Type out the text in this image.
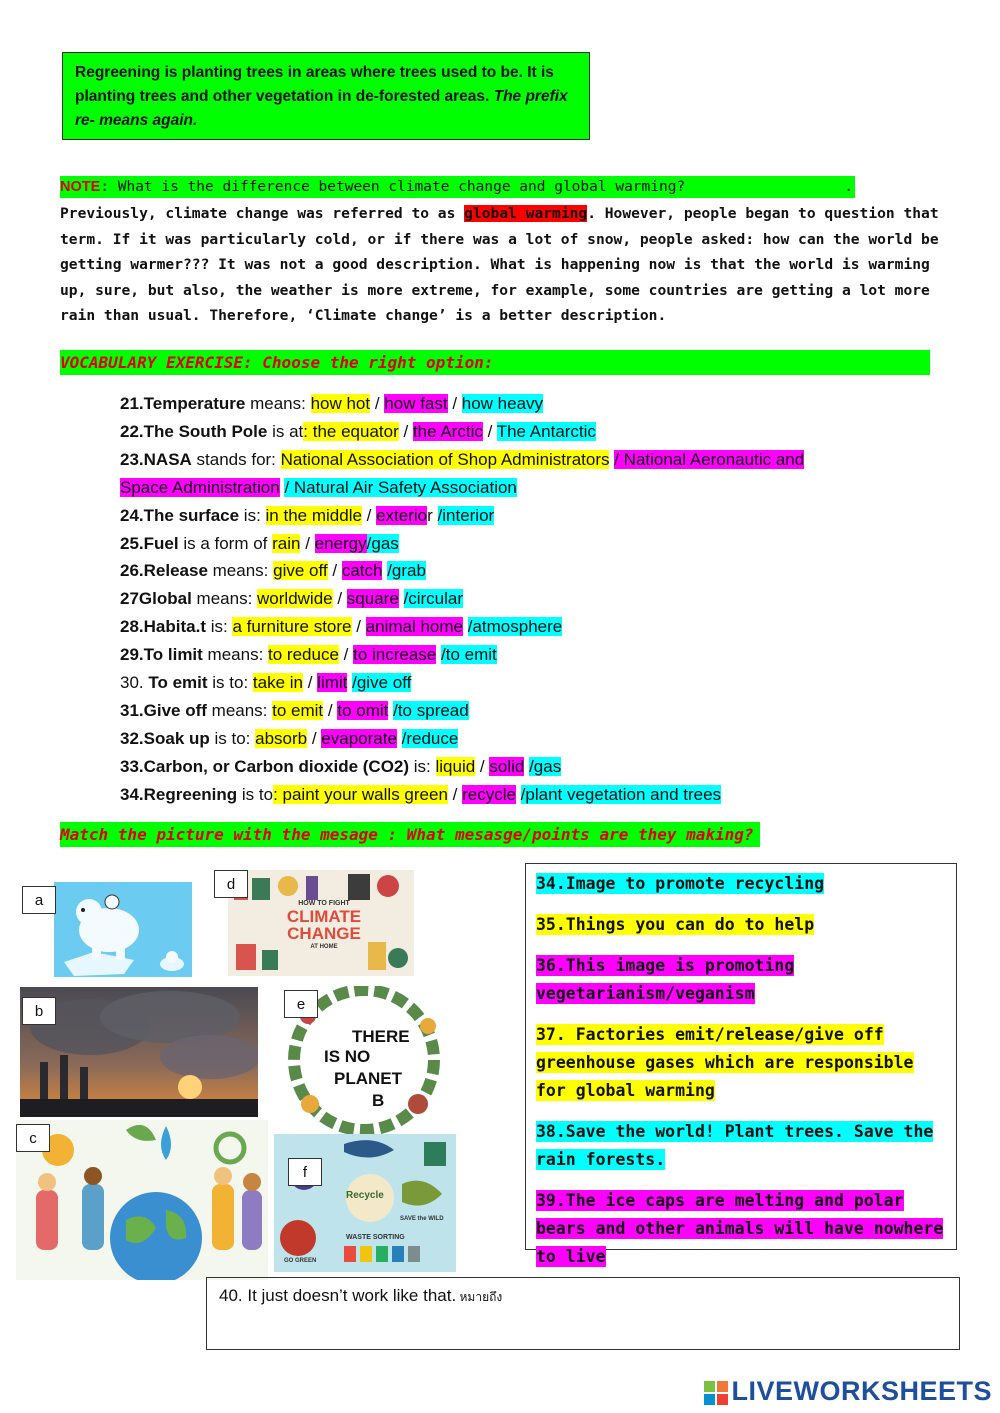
Regreening is planting trees in areas where trees used to be. It is planting trees and other vegetation in de-forested areas. The prefix re- means again.
NOTE: What is the difference between climate change and global warming?	.
Previously, climate change was referred to as global warming. However, people began to question that term. If it was particularly cold, or if there was a lot of snow, people asked: how can the world be getting warmer??? It was not a good description. What is happening now is that the world is warming up, sure, but also, the weather is more extreme, for example, some countries are getting a lot more rain than usual. Therefore, ‘Climate change’ is a better description.
VOCABULARY EXERCISE: Choose the right option:
21.Temperature means: how hot / how fast / how heavy
22.The South Pole is at: the equator / the Arctic / The Antarctic
23.NASA stands for: National Association of Shop Administrators / National Aeronautic and
Space Administration / Natural Air Safety Association
24.The surface is: in the middle / exterior /interior
25.Fuel is a form of rain / energy/gas
26.Release means: give off / catch /grab
27Global means: worldwide / square /circular
28.Habita.t is: a furniture store / animal home /atmosphere
29.To limit means: to reduce / to increase /to emit
30. To emit is to: take in / limit /give off
31.Give off means: to emit / to omit /to spread
32.Soak up is to: absorb / evaporate /reduce
33.Carbon, or Carbon dioxide (CO2) is: liquid / solid /gas
34.Regreening is to: paint your walls green / recycle /plant vegetation and trees
Match the picture with the mesage : What mesasge/points are they making?
a	HOW TO FIGHT
CLIMATE
CHANGE
AT HOME
d
b
THERE
IS NO
PLANET
B
e
c
Recycle
SAVE the WILD
WASTE SORTING
GO GREEN
f
34.Image to promote recycling
35.Things you can do to help
36.This image is promoting vegetarianism/veganism
37. Factories emit/release/give off greenhouse gases which are responsible for global warming
38.Save the world! Plant trees. Save the rain forests.
39.The ice caps are melting and polar bears and other animals will have nowhere to live
40. It just doesn’t work like that. หมายถึง
LIVEWORKSHEETS
